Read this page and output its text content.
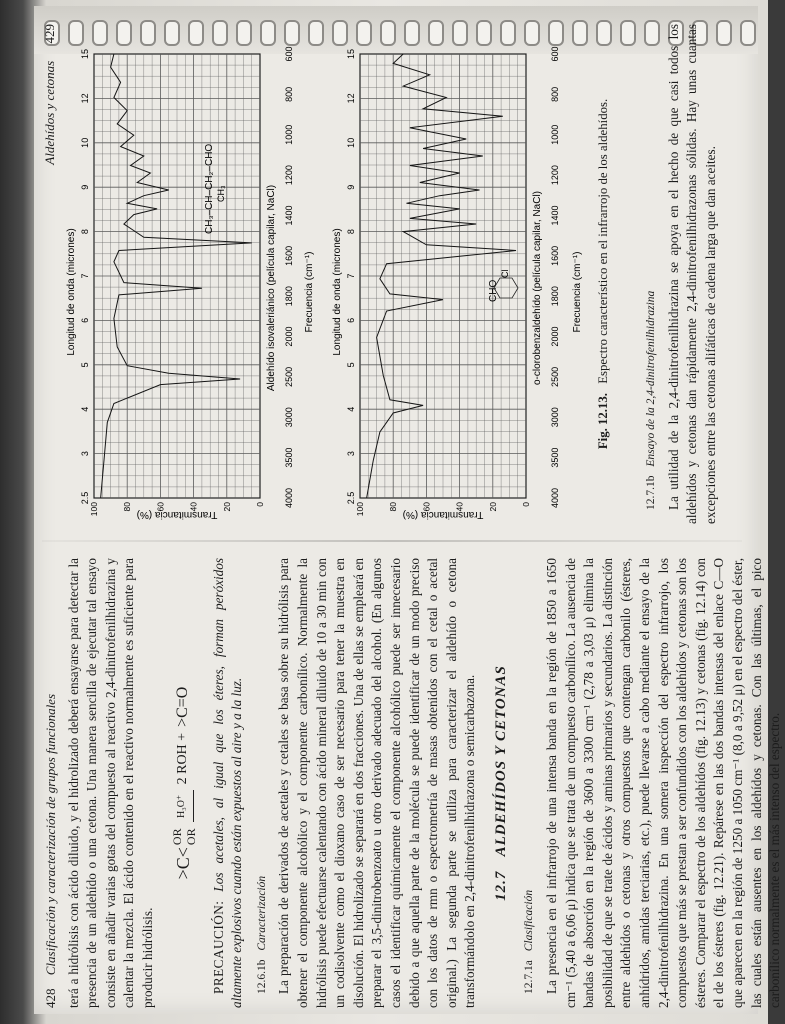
428 Clasificación y caracterización de grupos funcionales terá a hidrólisis con ácido diluido, y el hidrolizado deberá ensayarse para detectar la presencia de un aldehído o una cetona. Una manera sencilla de ejecutar tal ensayo consiste en añadir varias gotas del compuesto al reactivo 2,4-dinitrofenilhidrazina y calentar la mezcla. El ácido contenido en el reactivo normalmente es suficiente para producir hidrólisis.

>C<
OR OR
H₃O⁺
2 ROH +
>C=O

PRECAUCIÓN: Los acetales, al igual que los éteres, forman peróxidos altamente explosivos cuando están expuestos al aire y a la luz. 12.6.1b Caracterización La preparación de derivados de acetales y cetales se basa sobre su hidrólisis para obtener el componente alcohólico y el componente carbonílico. Normalmente la hidrólisis puede efectuarse calentando con ácido mineral diluido de 10 a 30 min con un codisolvente como el dioxano caso de ser necesario para tener la muestra en disolución. El hidrolizado se separará en dos fracciones. Una de ellas se empleará en preparar el 3,5-dinitrobenzoato u otro derivado adecuado del alcohol. (En algunos casos el identificar químicamente el componente alcohólico puede ser innecesario debido a que aquella parte de la molécula se puede identificar de un modo preciso con los datos de rmn o espectrometría de masas obtenidos con el cetal o acetal original.) La segunda parte se utiliza para caracterizar el aldehído o cetona transformándolo en 2,4-dinitrofenilhidrazona o semicarbazona. 12.7 ALDEHÍDOS Y CETONAS
12.7.1a Clasificación La presencia en el infrarrojo de una intensa banda en la región de 1850 a 1650 cm⁻¹ (5,40 a 6,06 μ) indica que se trata de un compuesto carbonílico. La ausencia de bandas de absorción en la región de 3600 a 3300 cm⁻¹ (2,78 a 3,03 μ) elimina la posibilidad de que se trate de ácidos y aminas primarios y secundarios. La distinción entre aldehídos o cetonas y otros compuestos que contengan carbonilo (ésteres, anhídridos, amidas terciarias, etc.), puede llevarse a cabo mediante el ensayo de la 2,4-dinitrofenilhidrazina. En una somera inspección del espectro infrarrojo, los compuestos que más se prestan a ser confundidos con los aldehídos y cetonas son los ésteres. Comparar el espectro de los aldehídos (fig. 12.13) y cetonas (fig. 12.14) con el de los ésteres (fig. 12.21). Repárese en las dos bandas intensas del enlace C—O que aparecen en la región de 1250 a 1050 cm⁻¹ (8,0 a 9,52 μ) en el espectro del éster, las cuales están ausentes en los aldehídos y cetonas. Con las últimas, el pico carbonílico normalmente es el más intenso del espectro.

Aldehídos y cetonas 429
Longitud de onda (micrones)
2.5
3
4
5
6
7
8
9
10
12
15
Transmitancia (%)
100	80	60	40	20	0
Aldehído isovaleriánico (película capilar, NaCl)
CH₃–CH–CH₂–CHO CH₃
4000
3500
3000
2500
2000
1800
1600
1400
1200
1000
800
600
Frecuencia (cm⁻¹) Longitud de onda (micrones)
2.5
3
4
5
6
7
8
9
10
12
15
Transmitancia (%)
100	80	60	40	20	0
o-clorobenzaldehído (película capilar, NaCl)
CHO
Cl
4000
3500
3000
2500
2000
1800
1600
1400
1200
1000
800
600
Frecuencia (cm⁻¹)
Fig. 12.13. Espectro característico en el infrarrojo de los aldehídos.
12.7.1b Ensayo de la 2,4-dinitrofenilhidrazina La utilidad de la 2,4-dinitrofenilhidrazina se apoya en el hecho de que casi todos los aldehídos y cetonas dan rápidamente 2,4-dinitrofenilhidrazonas sólidas. Hay unas cuantas excepciones entre las cetonas alifáticas de cadena larga que dan aceites.
